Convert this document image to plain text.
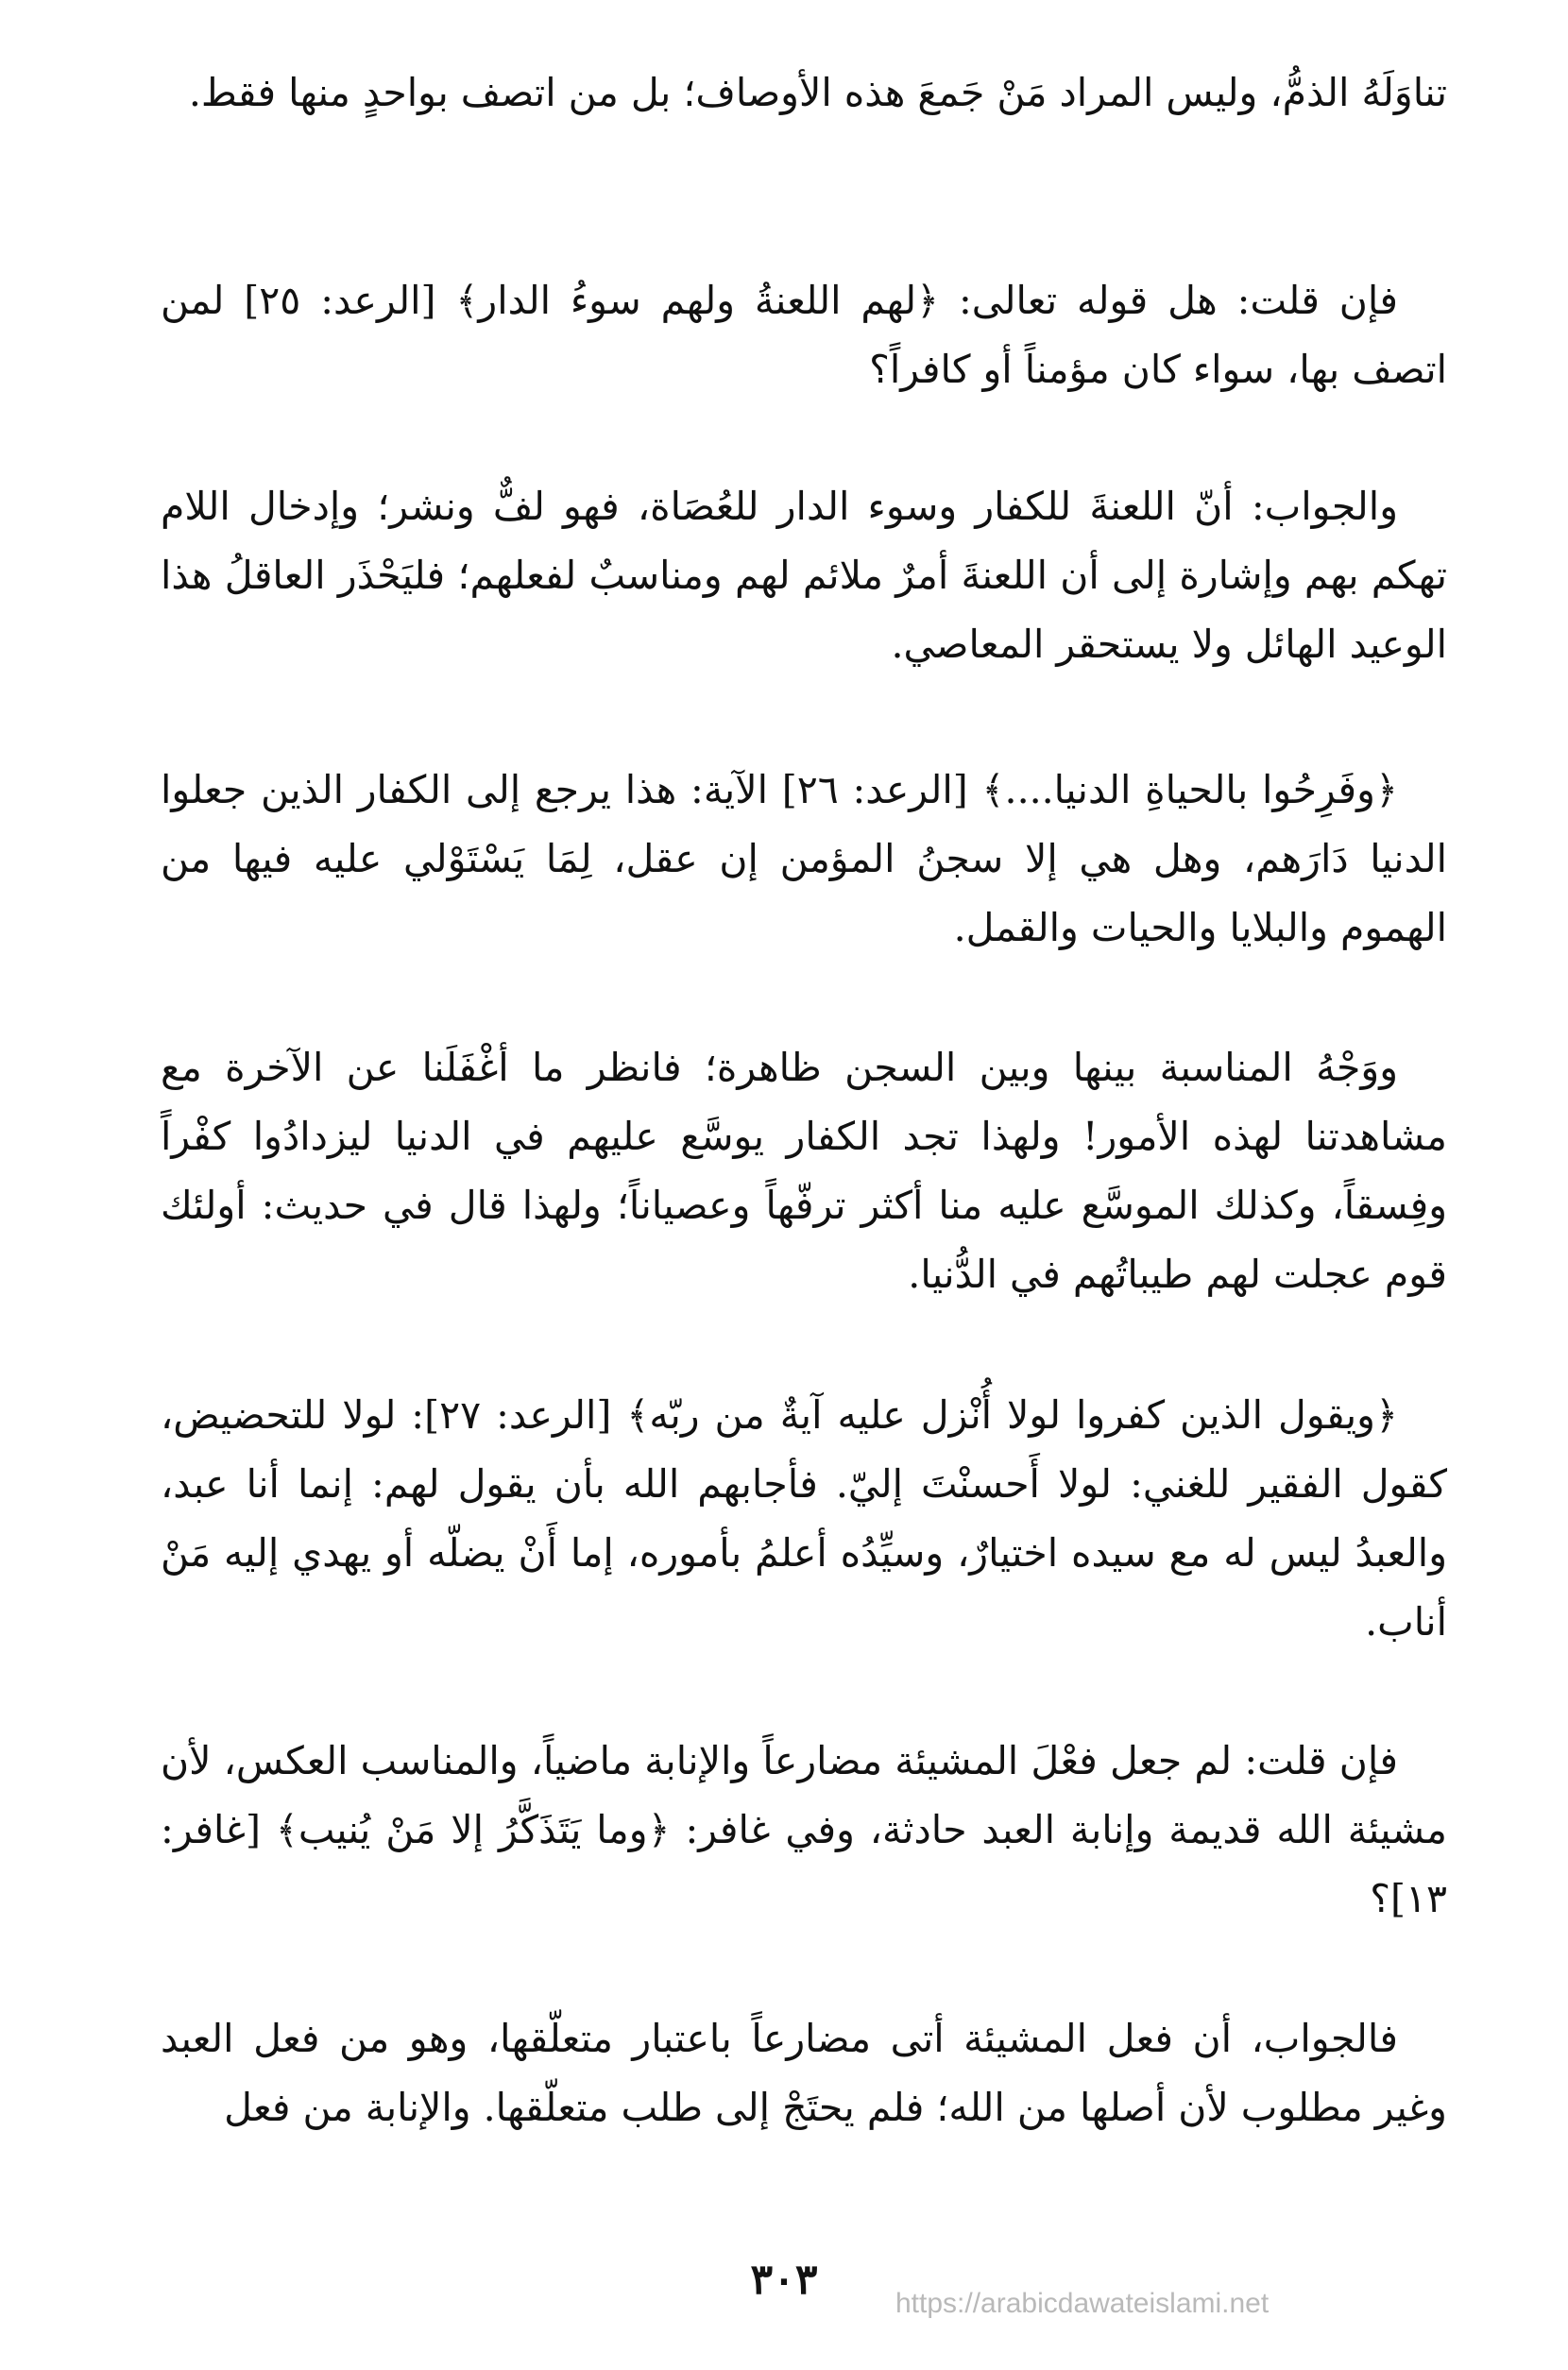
تناوَلَهُ الذمُّ، وليس المراد مَنْ جَمعَ هذه الأوصاف؛ بل من اتصف بواحدٍ منها فقط.

فإن قلت: هل قوله تعالى: ﴿لهم اللعنةُ ولهم سوءُ الدار﴾ [الرعد: ٢٥] لمن اتصف بها، سواء كان مؤمناً أو كافراً؟

والجواب: أنّ اللعنةَ للكفار وسوء الدار للعُصَاة، فهو لفٌّ ونشر؛ وإدخال اللام تهكم بهم وإشارة إلى أن اللعنةَ أمرٌ ملائم لهم ومناسبٌ لفعلهم؛ فليَحْذَر العاقلُ هذا الوعيد الهائل ولا يستحقر المعاصي.

﴿وفَرِحُوا بالحياةِ الدنيا....﴾ [الرعد: ٢٦] الآية: هذا يرجع إلى الكفار الذين جعلوا الدنيا دَارَهم، وهل هي إلا سجنُ المؤمن إن عقل، لِمَا يَسْتَوْلي عليه فيها من الهموم والبلايا والحيات والقمل.

ووَجْهُ المناسبة بينها وبين السجن ظاهرة؛ فانظر ما أغْفَلَنا عن الآخرة مع مشاهدتنا لهذه الأمور! ولهذا تجد الكفار يوسَّع عليهم في الدنيا ليزدادُوا كفْراً وفِسقاً، وكذلك الموسَّع عليه منا أكثر ترفّهاً وعصياناً؛ ولهذا قال في حديث: أولئك قوم عجلت لهم طيباتُهم في الدُّنيا.

﴿ويقول الذين كفروا لولا أُنْزل عليه آيةٌ من ربّه﴾ [الرعد: ٢٧]: لولا للتحضيض، كقول الفقير للغني: لولا أَحسنْتَ إليّ. فأجابهم الله بأن يقول لهم: إنما أنا عبد، والعبدُ ليس له مع سيده اختيارٌ، وسيِّدُه أعلمُ بأموره، إما أَنْ يضلّه أو يهدي إليه مَنْ أناب.

فإن قلت: لم جعل فعْلَ المشيئة مضارعاً والإنابة ماضياً، والمناسب العكس، لأن مشيئة الله قديمة وإنابة العبد حادثة، وفي غافر: ﴿وما يَتَذَكَّرُ إلا مَنْ يُنيب﴾ [غافر: ١٣]؟

فالجواب، أن فعل المشيئة أتى مضارعاً باعتبار متعلّقها، وهو من فعل العبد وغير مطلوب لأن أصلها من الله؛ فلم يحتَجْ إلى طلب متعلّقها. والإنابة من فعل

٣٠٣	https://arabicdawateislami.net
